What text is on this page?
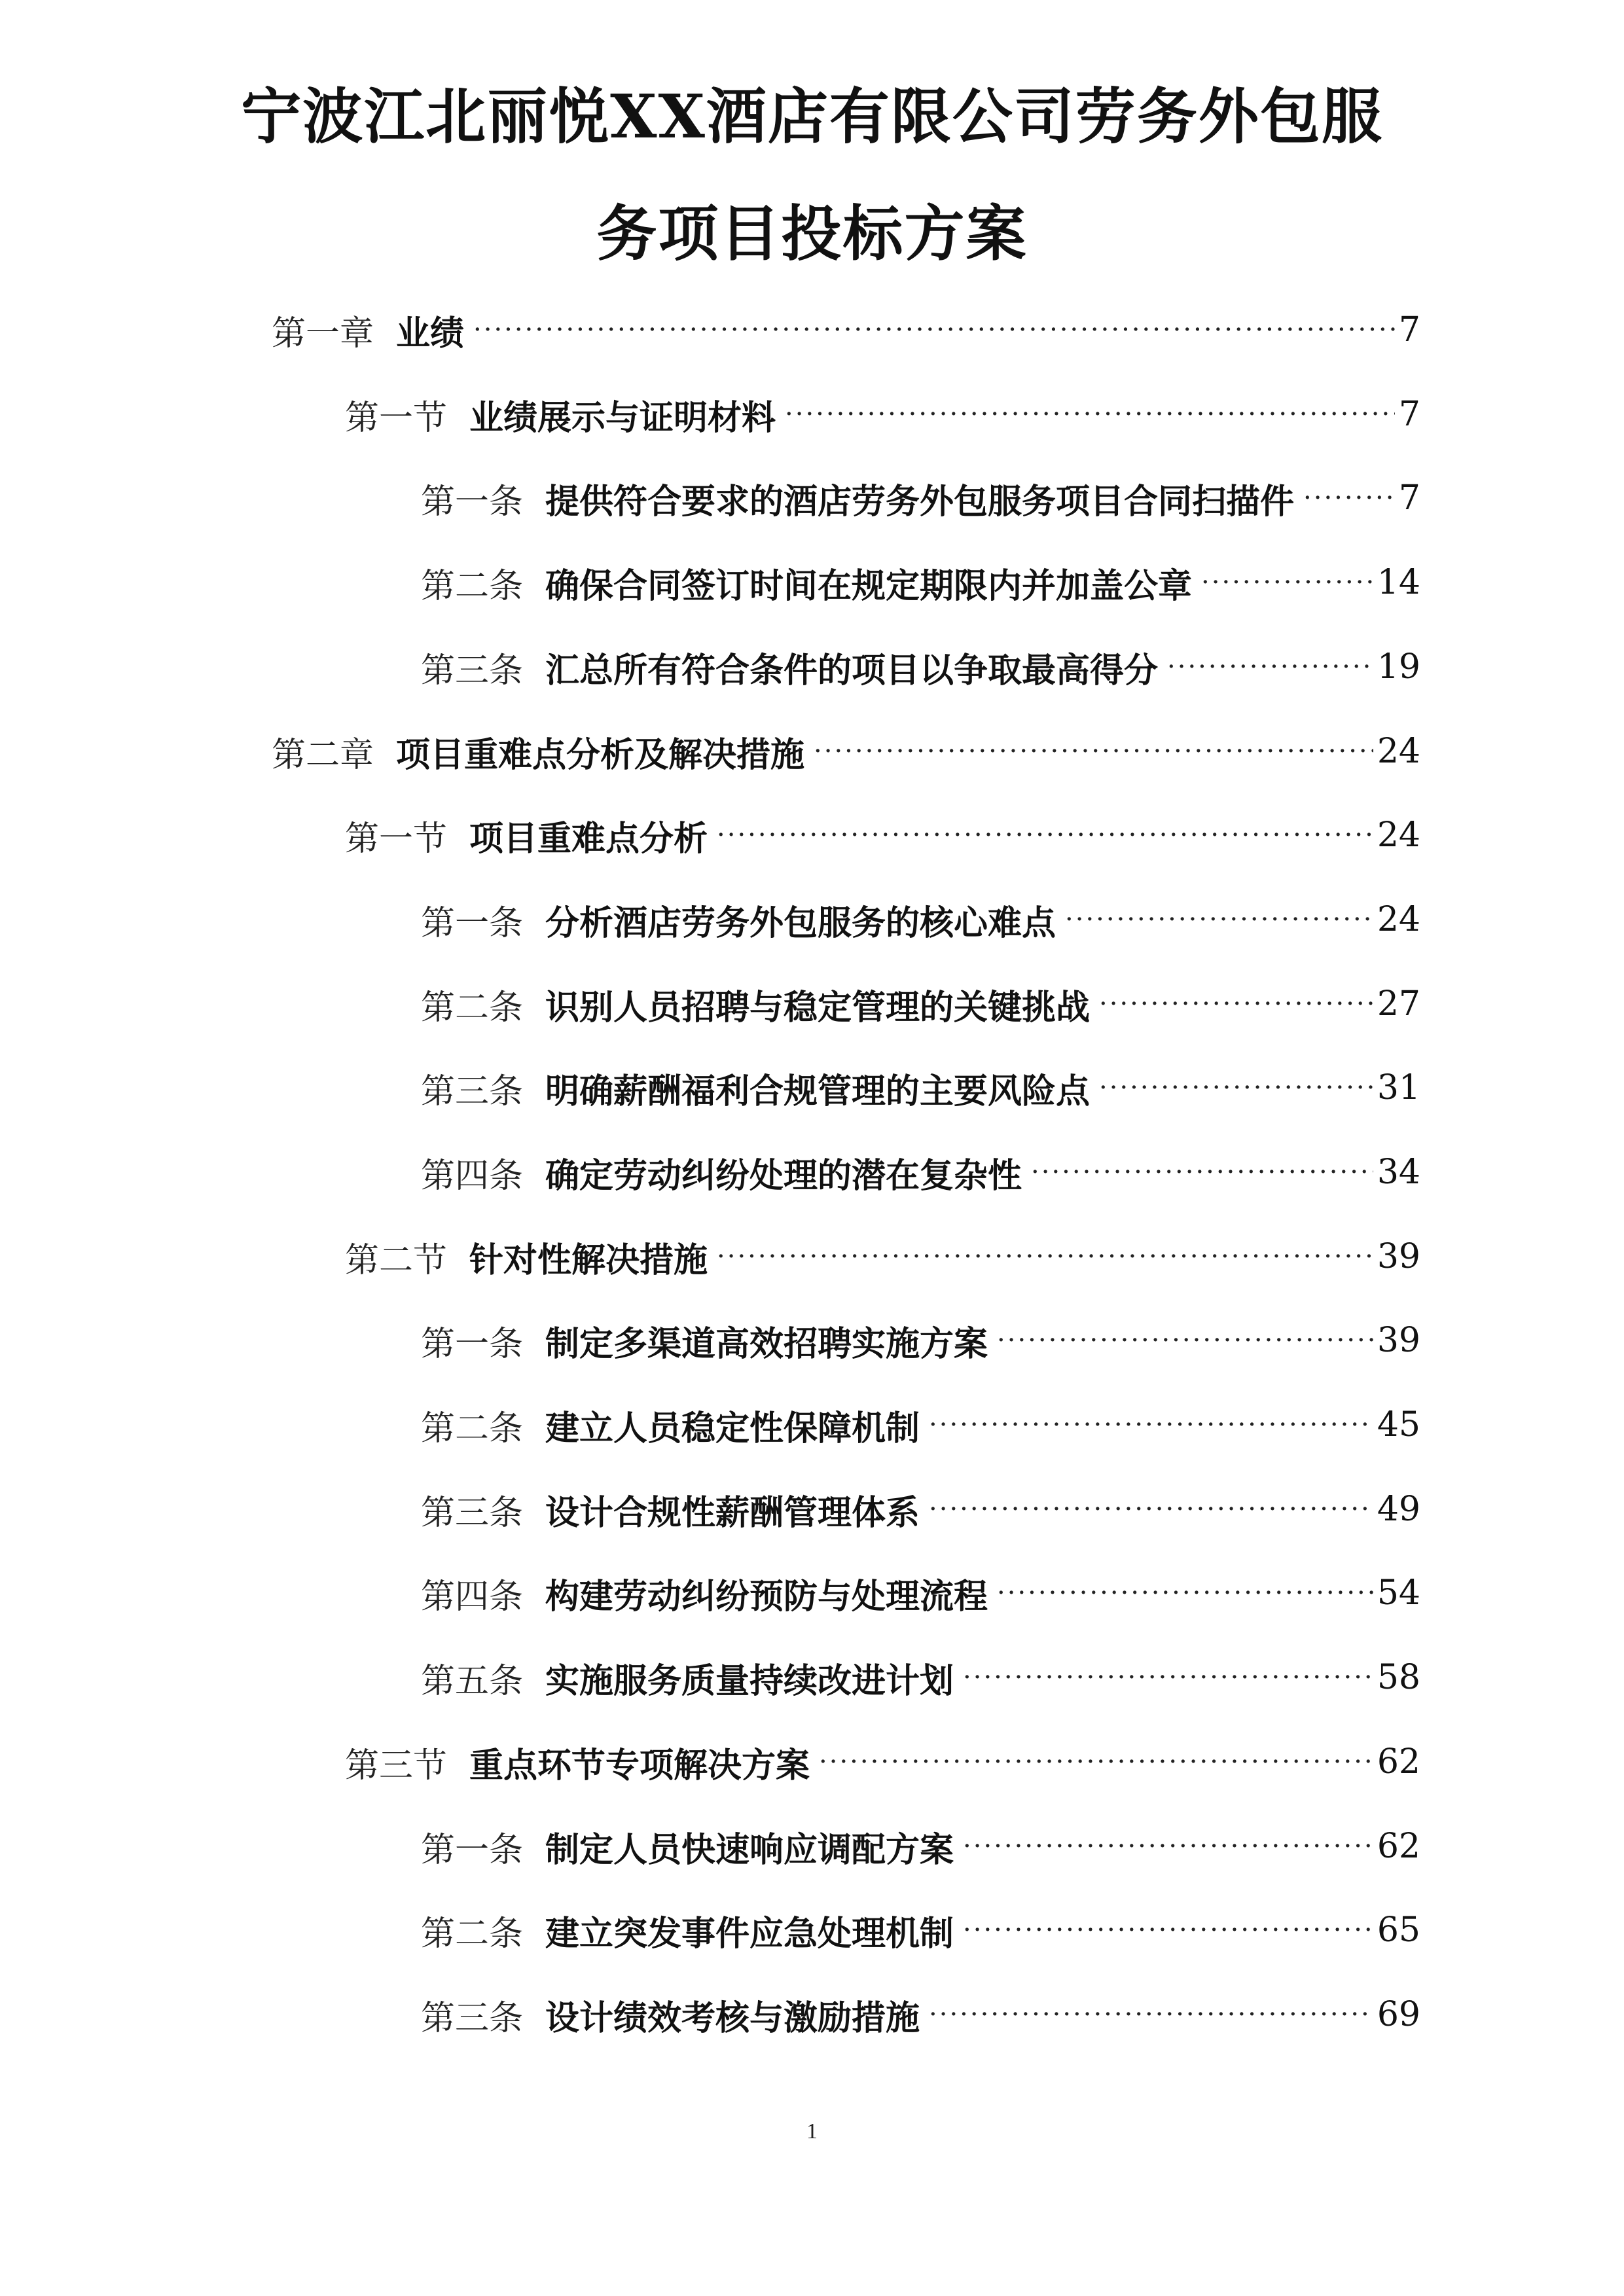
宁波江北丽悦XX酒店有限公司劳务外包服
务项目投标方案
第一章 业绩 ·····	7
第一节 业绩展示与证明材料 ·····	7
第一条 提供符合要求的酒店劳务外包服务项目合同扫描件 ·····	7
第二条 确保合同签订时间在规定期限内并加盖公章 ·····	14
第三条 汇总所有符合条件的项目以争取最高得分 ·····	19
第二章 项目重难点分析及解决措施 ·····	24
第一节 项目重难点分析 ·····	24
第一条 分析酒店劳务外包服务的核心难点 ·····	24
第二条 识别人员招聘与稳定管理的关键挑战 ·····	27
第三条 明确薪酬福利合规管理的主要风险点 ·····	31
第四条 确定劳动纠纷处理的潜在复杂性 ·····	34
第二节 针对性解决措施 ·····	39
第一条 制定多渠道高效招聘实施方案 ·····	39
第二条 建立人员稳定性保障机制 ·····	45
第三条 设计合规性薪酬管理体系 ·····	49
第四条 构建劳动纠纷预防与处理流程 ·····	54
第五条 实施服务质量持续改进计划 ·····	58
第三节 重点环节专项解决方案 ·····	62
第一条 制定人员快速响应调配方案 ·····	62
第二条 建立突发事件应急处理机制 ·····	65
第三条 设计绩效考核与激励措施 ·····	69
1
